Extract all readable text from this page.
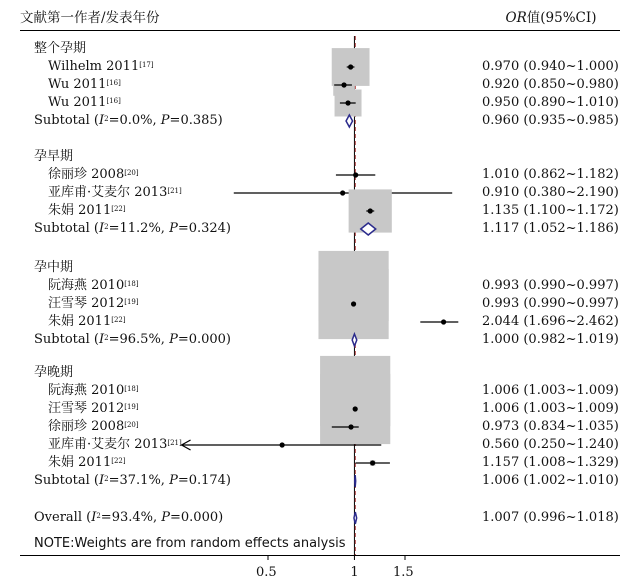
文献第一作者/发表年份	OR值(95%CI)
整个孕期
Wilhelm 2011[17]	0.970 (0.940~1.000)
Wu 2011[16]	0.920 (0.850~0.980)
Wu 2011[16]	0.950 (0.890~1.010)
Subtotal ($I^2=0.0\%$, P=0.385)	0.960 (0.935~0.985)
孕早期
徐丽珍 2008[20]	1.010 (0.862~1.182)
亚库甫·艾麦尔 2013[21]	0.910 (0.380~2.190)
朱娟 2011[22]	1.135 (1.100~1.172)
Subtotal ($I^2=11.2\%$, P=0.324)	1.117 (1.052~1.186)
孕中期
阮海燕 2010[18]	0.993 (0.990~0.997)
汪雪琴 2012[19]	0.993 (0.990~0.997)
朱娟 2011[22]	2.044 (1.696~2.462)
Subtotal ($I^2=96.5\%$, P=0.000)	1.000 (0.982~1.019)
孕晚期
阮海燕 2010[18]	1.006 (1.003~1.009)
汪雪琴 2012[19]	1.006 (1.003~1.009)
徐丽珍 2008[20]	0.973 (0.834~1.035)
亚库甫·艾麦尔 2013[21]	0.560 (0.250~1.240)
朱娟 2011[22]	1.157 (1.008~1.329)
Subtotal ($I^2=37.1\%$, P=0.174)	1.006 (1.002~1.010)
Overall ($I^2=93.4\%$, P=0.000)	1.007 (0.996~1.018)
NOTE:Weights are from random effects analysis
0.5	1	1.5
